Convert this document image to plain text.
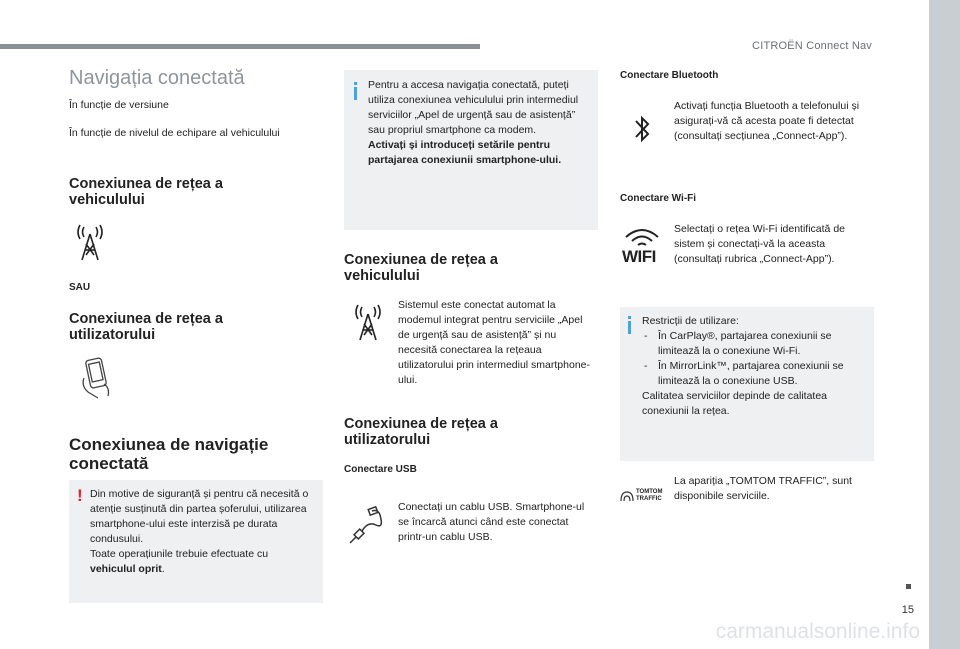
CITROËN Connect Nav
Navigația conectată
În funcție de versiune
În funcție de nivelul de echipare al vehiculului
Conexiunea de rețea a vehiculului
SAU
Conexiunea de rețea a utilizatorului
Conexiunea de navigație conectată
! Din motive de siguranță și pentru că necesită o atenție susținută din partea șoferului, utilizarea smartphone-ului este interzisă pe durata condusului.
Toate operațiunile trebuie efectuate cu
vehiculul oprit.
Pentru a accesa navigația conectată, puteți utiliza conexiunea vehiculului prin intermediul serviciilor „Apel de urgență sau de asistență” sau propriul smartphone ca modem.
Activați și introduceți setările pentru partajarea conexiunii smartphone-ului.
Conexiunea de rețea a vehiculului
Sistemul este conectat automat la modemul integrat pentru serviciile „Apel de urgență sau de asistență” și nu necesită conectarea la rețeaua utilizatorului prin intermediul smartphone-ului.
Conexiunea de rețea a utilizatorului
Conectare USB
Conectați un cablu USB. Smartphone-ul se încarcă atunci când este conectat printr-un cablu USB.
Conectare Bluetooth
Activați funcția Bluetooth a telefonului și asigurați-vă că acesta poate fi detectat (consultați secțiunea „Connect-App”).
Conectare Wi-Fi
WIFI
Selectați o rețea Wi-Fi identificată de sistem și conectați-vă la aceasta (consultați rubrica „Connect-App”).
Restricții de utilizare:
- În CarPlay®, partajarea conexiunii se limitează la o conexiune Wi-Fi.
- În MirrorLink™, partajarea conexiunii se limitează la o conexiune USB.
Calitatea serviciilor depinde de calitatea conexiunii la rețea.
TOMTOM
TRAFFIC
La apariția „TOMTOM TRAFFIC”, sunt disponibile serviciile.
15
carmanualsonline.info
